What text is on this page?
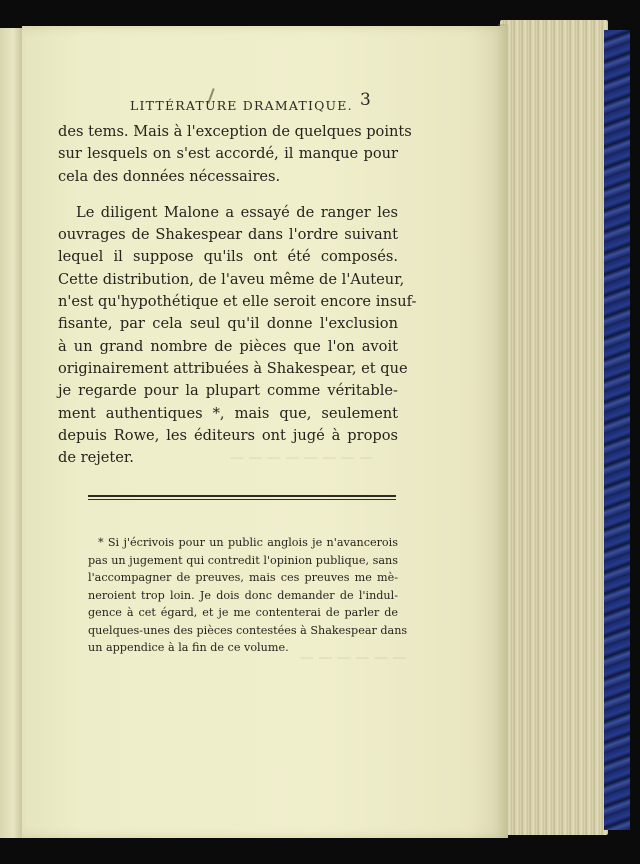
— — — — — — — —
— — — — — —
LITTÉRATURE DRAMATIQUE. 3
des tems. Mais à l'exception de quelques points
sur lesquels on s'est accordé, il manque pour
cela des données nécessaires.
Le diligent Malone a essayé de ranger les
ouvrages de Shakespear dans l'ordre suivant
lequel il suppose qu'ils ont été composés.
Cette distribution, de l'aveu même de l'Auteur,
n'est qu'hypothétique et elle seroit encore insuf-
fisante, par cela seul qu'il donne l'exclusion
à un grand nombre de pièces que l'on avoit
originairement attribuées à Shakespear, et que
je regarde pour la plupart comme véritable-
ment authentiques *, mais que, seulement
depuis Rowe, les éditeurs ont jugé à propos
de rejeter.
* Si j'écrivois pour un public anglois je n'avancerois
pas un jugement qui contredit l'opinion publique, sans
l'accompagner de preuves, mais ces preuves me mè-
neroient trop loin. Je dois donc demander de l'indul-
gence à cet égard, et je me contenterai de parler de
quelques-unes des pièces contestées à Shakespear dans
un appendice à la fin de ce volume.
